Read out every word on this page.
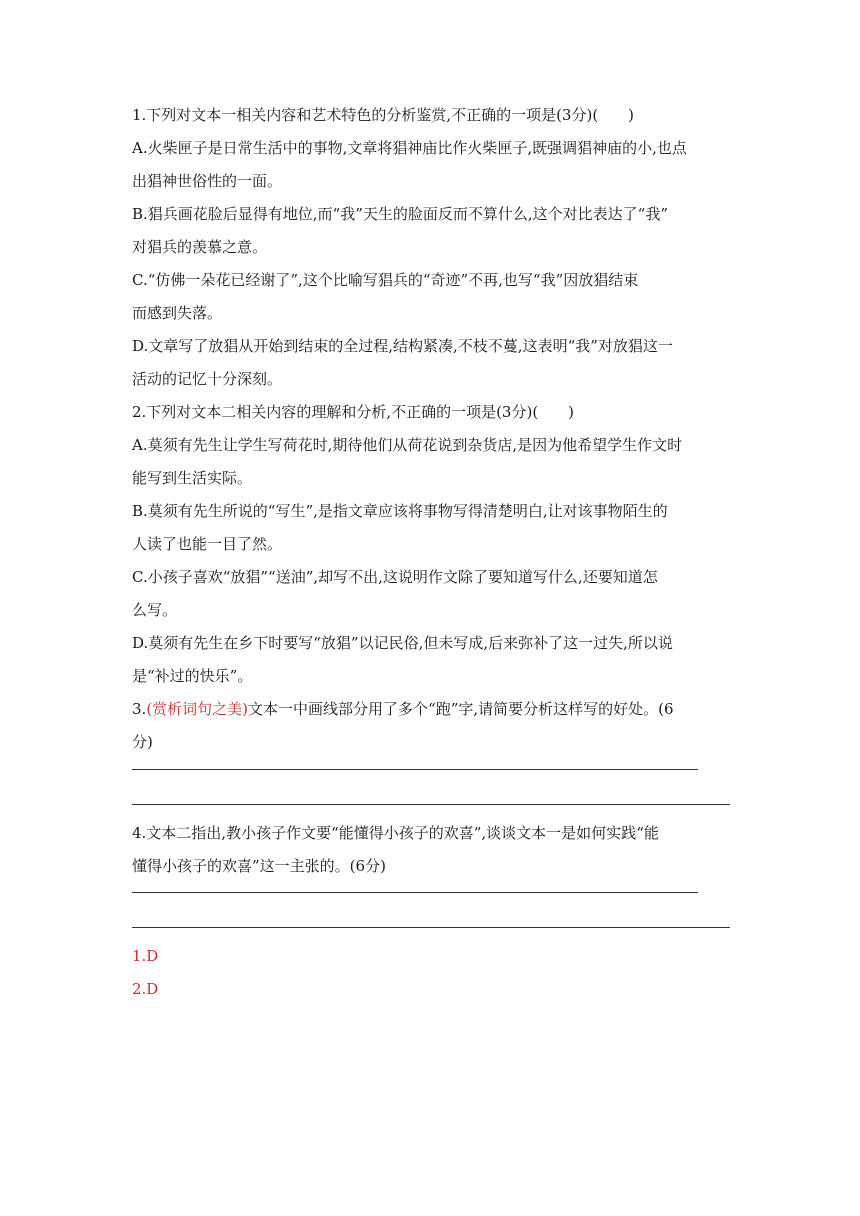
1.下列对文本一相关内容和艺术特色的分析鉴赏,不正确的一项是(3分)(　　)
A.火柴匣子是日常生活中的事物,文章将猖神庙比作火柴匣子,既强调猖神庙的小,也点
出猖神世俗性的一面。
B.猖兵画花脸后显得有地位,而“我”天生的脸面反而不算什么,这个对比表达了“我”
对猖兵的羡慕之意。
C.“仿佛一朵花已经谢了”,这个比喻写猖兵的“奇迹”不再,也写“我”因放猖结束
而感到失落。
D.文章写了放猖从开始到结束的全过程,结构紧凑,不枝不蔓,这表明“我”对放猖这一
活动的记忆十分深刻。
2.下列对文本二相关内容的理解和分析,不正确的一项是(3分)(　　)
A.莫须有先生让学生写荷花时,期待他们从荷花说到杂货店,是因为他希望学生作文时
能写到生活实际。
B.莫须有先生所说的“写生”,是指文章应该将事物写得清楚明白,让对该事物陌生的
人读了也能一目了然。
C.小孩子喜欢“放猖”“送油”,却写不出,这说明作文除了要知道写什么,还要知道怎
么写。
D.莫须有先生在乡下时要写“放猖”以记民俗,但未写成,后来弥补了这一过失,所以说
是“补过的快乐”。
3.(赏析词句之美)文本一中画线部分用了多个“跑”字,请简要分析这样写的好处。(6
分)
4.文本二指出,教小孩子作文要“能懂得小孩子的欢喜”,谈谈文本一是如何实践“能
懂得小孩子的欢喜”这一主张的。(6分)
1.D
2.D
